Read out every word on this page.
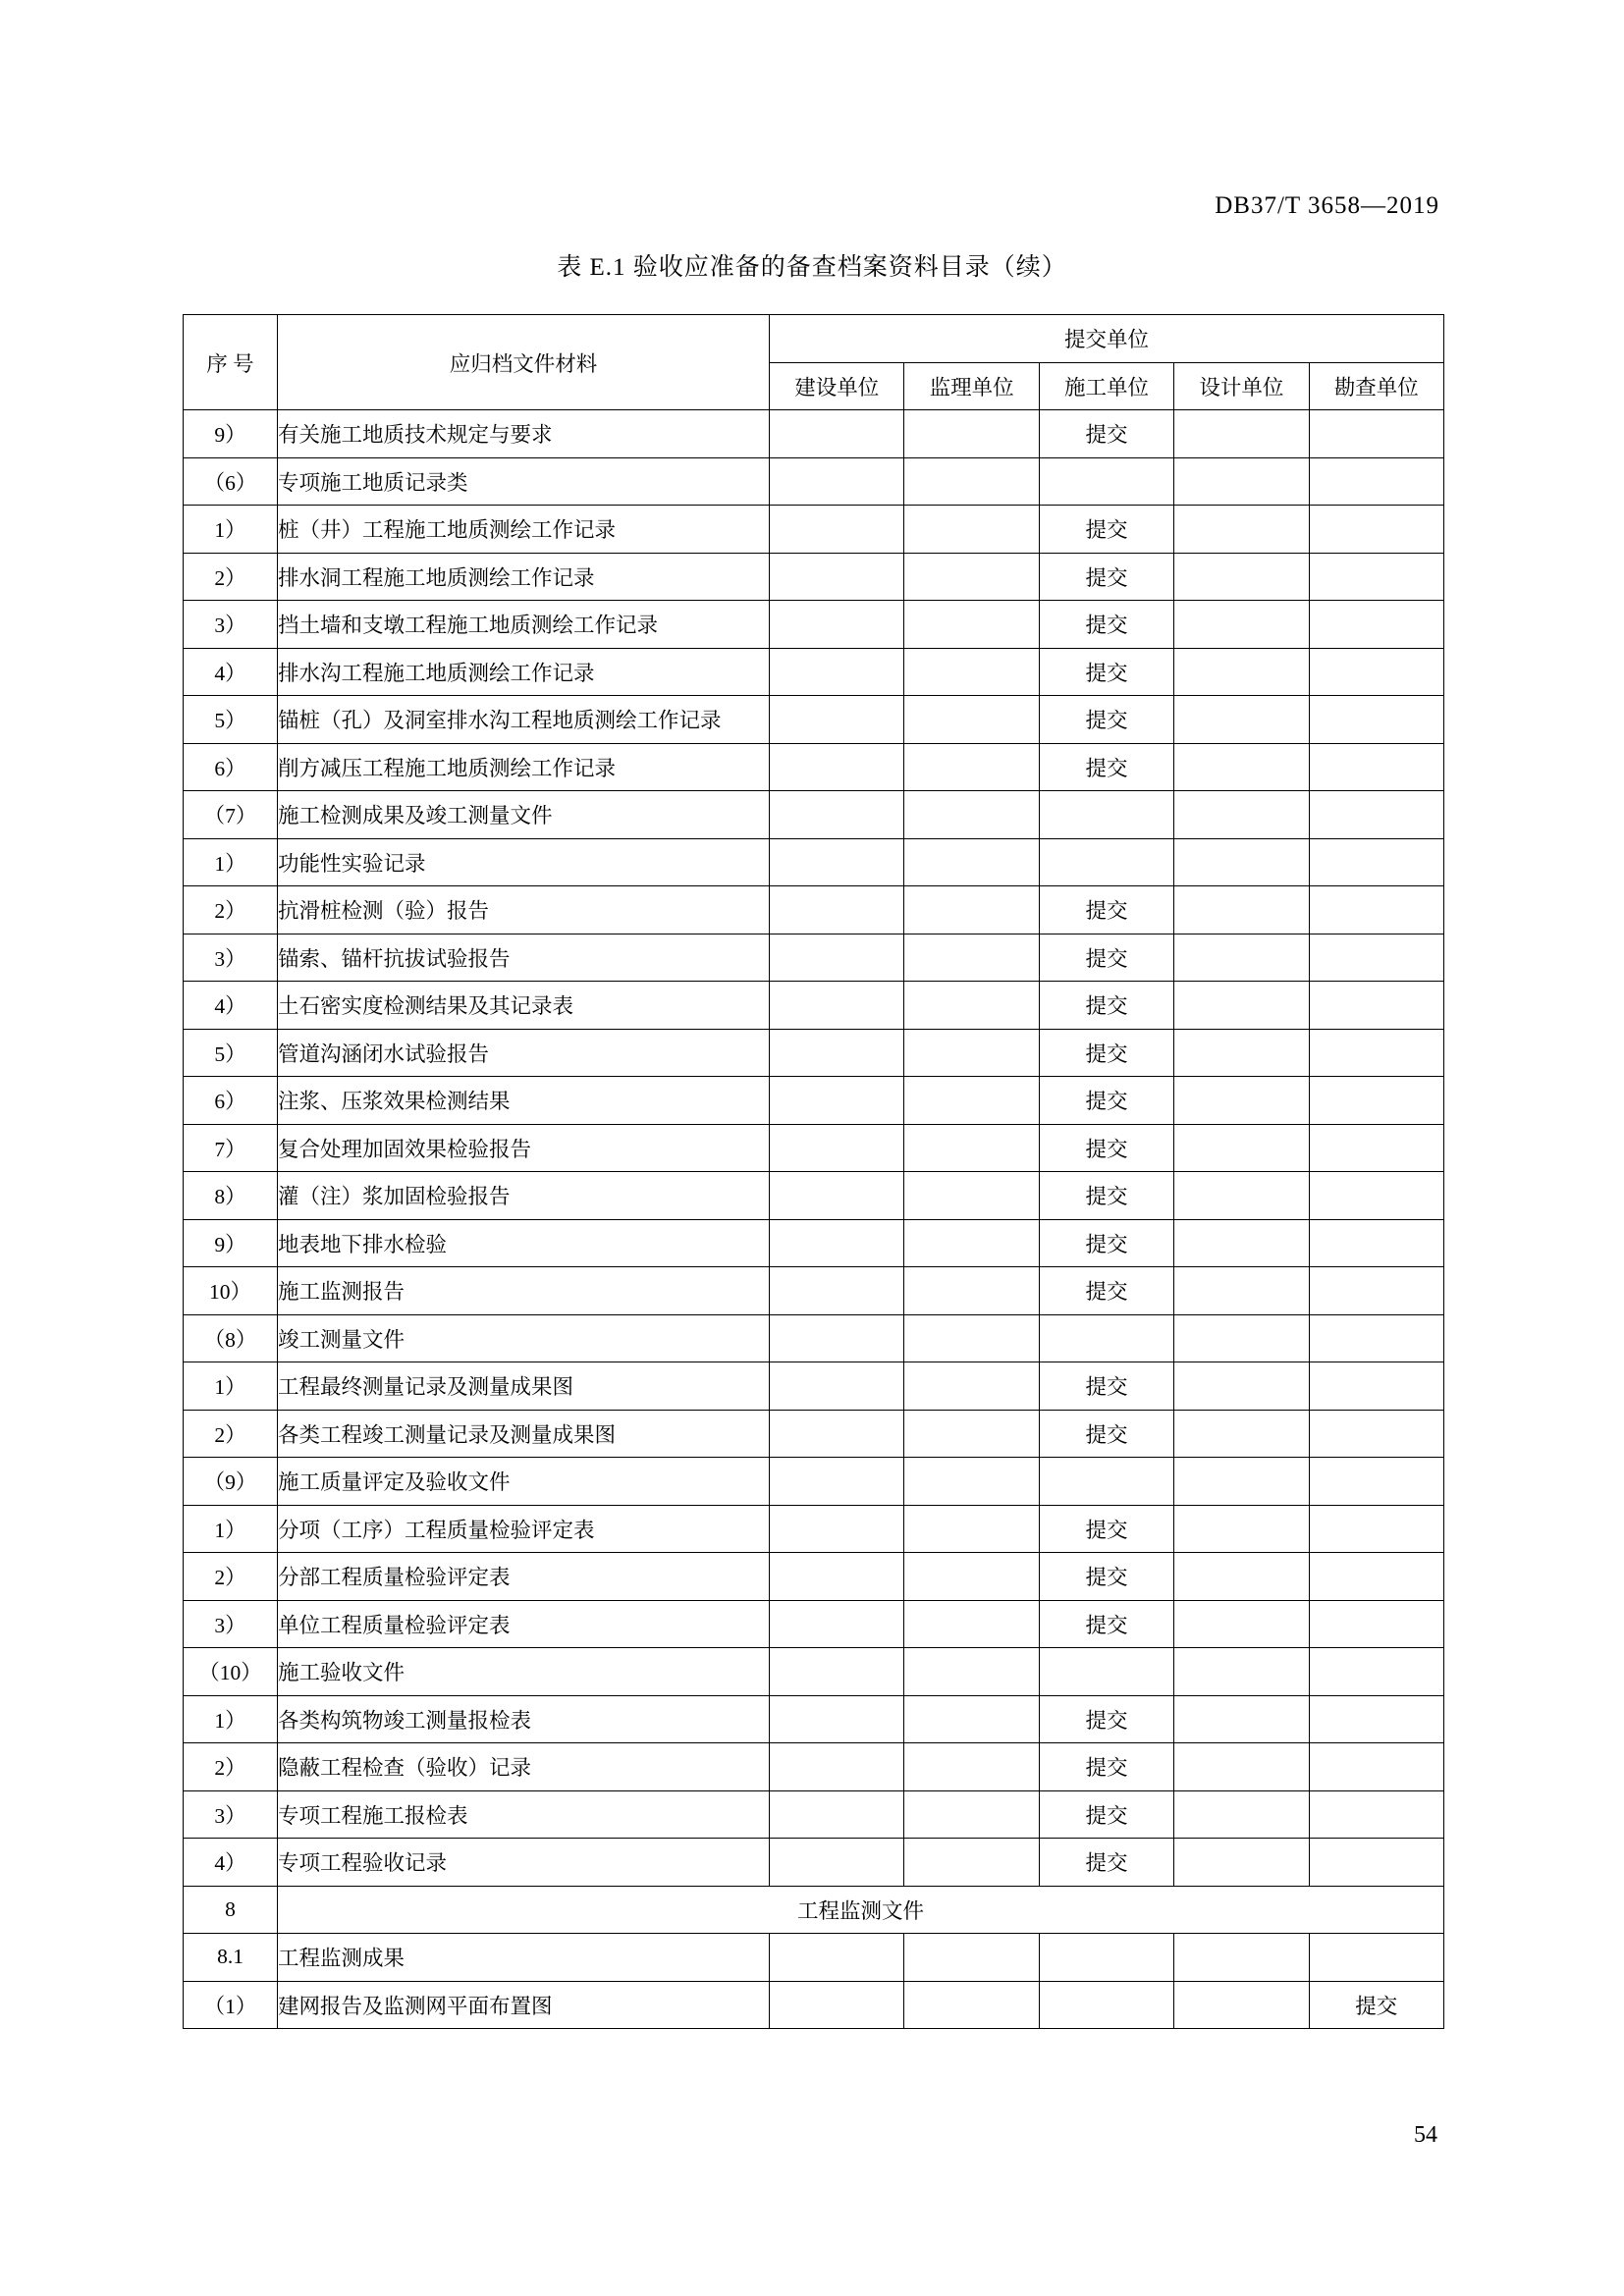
DB37/T 3658—2019
表 E.1 验收应准备的备查档案资料目录（续）
序 号	应归档文件材料	提交单位				
		建设单位	监理单位	施工单位	设计单位	勘查单位
9）	有关施工地质技术规定与要求			提交		
（6）	专项施工地质记录类					
1）	桩（井）工程施工地质测绘工作记录			提交		
2）	排水洞工程施工地质测绘工作记录			提交		
3）	挡土墙和支墩工程施工地质测绘工作记录			提交		
4）	排水沟工程施工地质测绘工作记录			提交		
5）	锚桩（孔）及洞室排水沟工程地质测绘工作记录			提交		
6）	削方减压工程施工地质测绘工作记录			提交		
（7）	施工检测成果及竣工测量文件					
1）	功能性实验记录					
2）	抗滑桩检测（验）报告			提交		
3）	锚索、锚杆抗拔试验报告			提交		
4）	土石密实度检测结果及其记录表			提交		
5）	管道沟涵闭水试验报告			提交		
6）	注浆、压浆效果检测结果			提交		
7）	复合处理加固效果检验报告			提交		
8）	灌（注）浆加固检验报告			提交		
9）	地表地下排水检验			提交		
10）	施工监测报告			提交		
（8）	竣工测量文件					
1）	工程最终测量记录及测量成果图			提交		
2）	各类工程竣工测量记录及测量成果图			提交		
（9）	施工质量评定及验收文件					
1）	分项（工序）工程质量检验评定表			提交		
2）	分部工程质量检验评定表			提交		
3）	单位工程质量检验评定表			提交		
（10）	施工验收文件					
1）	各类构筑物竣工测量报检表			提交		
2）	隐蔽工程检查（验收）记录			提交		
3）	专项工程施工报检表			提交		
4）	专项工程验收记录			提交		
8	工程监测文件					
8.1	工程监测成果					
（1）	建网报告及监测网平面布置图					提交
54
